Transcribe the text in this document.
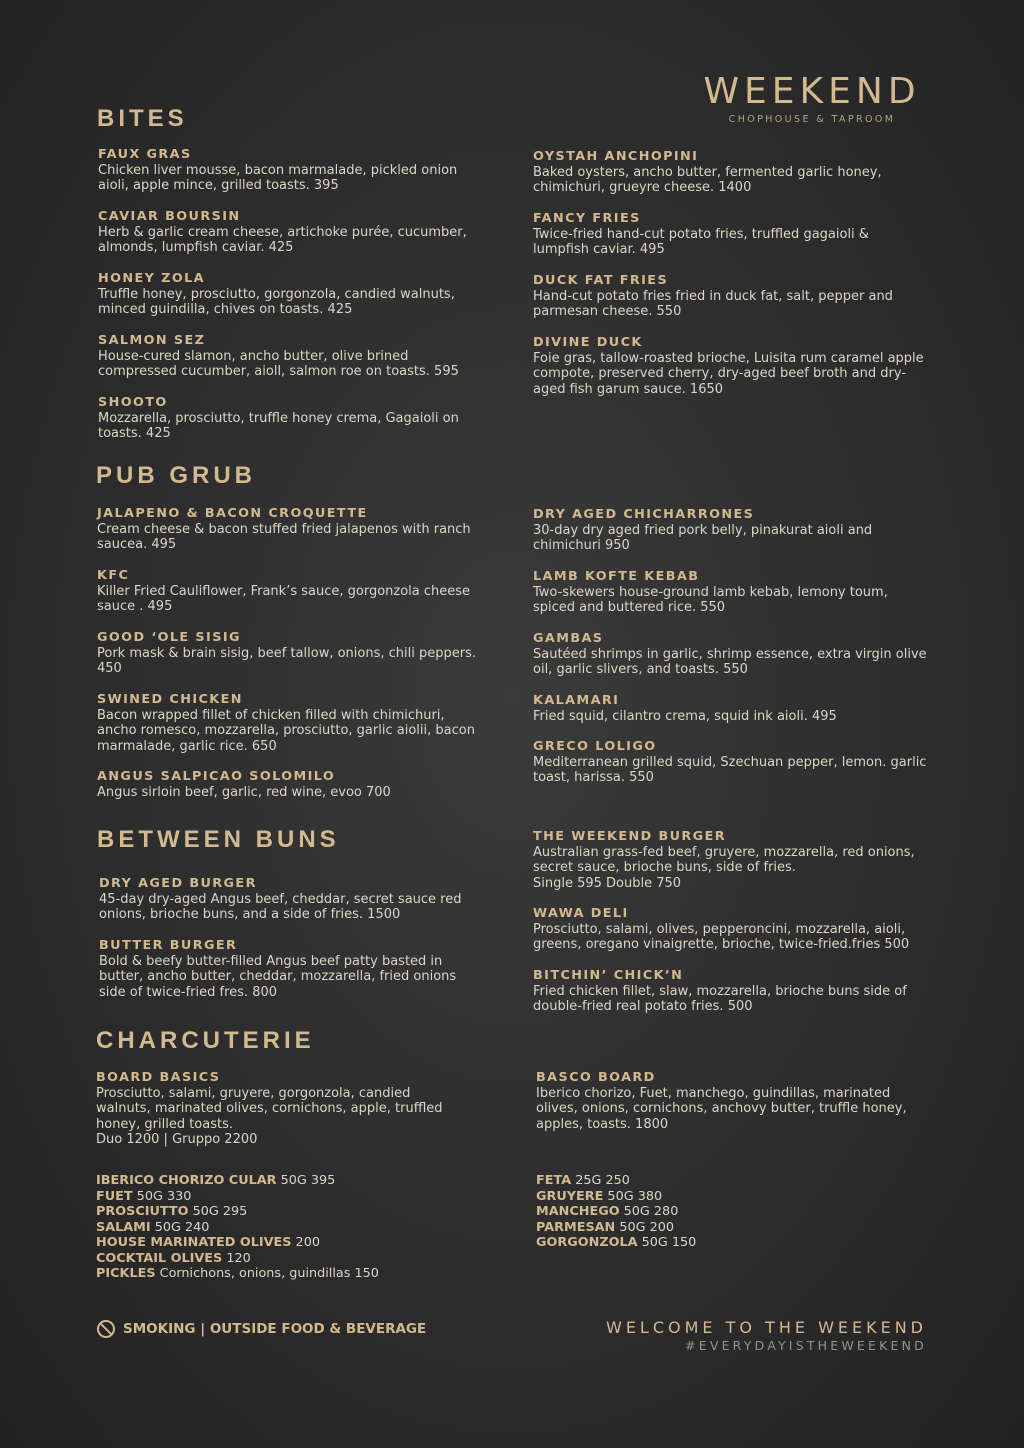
WEEKEND
CHOPHOUSE & TAPROOM
BITES
FAUX GRAS
Chicken liver mousse, bacon marmalade, pickled onion aioli, apple mince, grilled toasts. 395
CAVIAR BOURSIN
Herb & garlic cream cheese, artichoke purée, cucumber, almonds, lumpfish caviar. 425
HONEY ZOLA
Truffle honey, prosciutto, gorgonzola, candied walnuts, minced guindilla, chives on toasts. 425
SALMON SEZ
House-cured slamon, ancho butter, olive brined compressed cucumber, aioll, salmon roe on toasts. 595
SHOOTO
Mozzarella, prosciutto, truffle honey crema, Gagaioli on toasts. 425
OYSTAH ANCHOPINI
Baked oysters, ancho butter, fermented garlic honey, chimichuri, grueyre cheese. 1400
FANCY FRIES
Twice-fried hand-cut potato fries, truffled gagaioli & lumpfish caviar. 495
DUCK FAT FRIES
Hand-cut potato fries fried in duck fat, salt, pepper and parmesan cheese. 550
DIVINE DUCK
Foie gras, tallow-roasted brioche, Luisita rum caramel apple compote, preserved cherry, dry-aged beef broth and dry-aged fish garum sauce. 1650
PUB GRUB
JALAPENO & BACON CROQUETTE
Cream cheese & bacon stuffed fried jalapenos with ranch saucea. 495
KFC
Killer Fried Cauliflower, Frank’s sauce, gorgonzola cheese sauce . 495
GOOD ‘OLE SISIG
Pork mask & brain sisig, beef tallow, onions, chili peppers. 450
SWINED CHICKEN
Bacon wrapped fillet of chicken filled with chimichuri, ancho romesco, mozzarella, prosciutto, garlic aiolii, bacon marmalade, garlic rice. 650
ANGUS SALPICAO SOLOMILO
Angus sirloin beef, garlic, red wine, evoo 700
DRY AGED CHICHARRONES
30-day dry aged fried pork belly, pinakurat aioli and chimichuri 950
LAMB KOFTE KEBAB
Two-skewers house-ground lamb kebab, lemony toum, spiced and buttered rice. 550
GAMBAS
Sautéed shrimps in garlic, shrimp essence, extra virgin olive oil, garlic slivers, and toasts. 550
KALAMARI
Fried squid, cilantro crema, squid ink aioli. 495
GRECO LOLIGO
Mediterranean grilled squid, Szechuan pepper, lemon. garlic toast, harissa. 550
BETWEEN BUNS
DRY AGED BURGER
45-day dry-aged Angus beef, cheddar, secret sauce red onions, brioche buns, and a side of fries. 1500
BUTTER BURGER
Bold & beefy butter-filled Angus beef patty basted in butter, ancho butter, cheddar, mozzarella, fried onions side of twice-fried fres. 800
THE WEEKEND BURGER
Australian grass-fed beef, gruyere, mozzarella, red onions, secret sauce, brioche buns, side of fries.
Single 595 Double 750
WAWA DELI
Prosciutto, salami, olives, pepperoncini, mozzarella, aioli, greens, oregano vinaigrette, brioche, twice-fried.fries 500
BITCHIN’ CHICK’N
Fried chicken fillet, slaw, mozzarella, brioche buns side of double-fried real potato fries. 500
CHARCUTERIE
BOARD BASICS
Prosciutto, salami, gruyere, gorgonzola, candied walnuts, marinated olives, cornichons, apple, truffled honey, grilled toasts.
Duo 1200 | Gruppo 2200
BASCO BOARD
Iberico chorizo, Fuet, manchego, guindillas, marinated olives, onions, cornichons, anchovy butter, truffle honey, apples, toasts. 1800
IBERICO CHORIZO CULAR 50G 395
FUET 50G 330
PROSCIUTTO 50G 295
SALAMI 50G 240
HOUSE MARINATED OLIVES 200
COCKTAIL OLIVES 120
PICKLES Cornichons, onions, guindillas 150
FETA 25G 250
GRUYERE 50G 380
MANCHEGO 50G 280
PARMESAN 50G 200
GORGONZOLA 50G 150
SMOKING | OUTSIDE FOOD & BEVERAGE	WELCOME TO THE WEEKEND
#EVERYDAYISTHEWEEKEND
